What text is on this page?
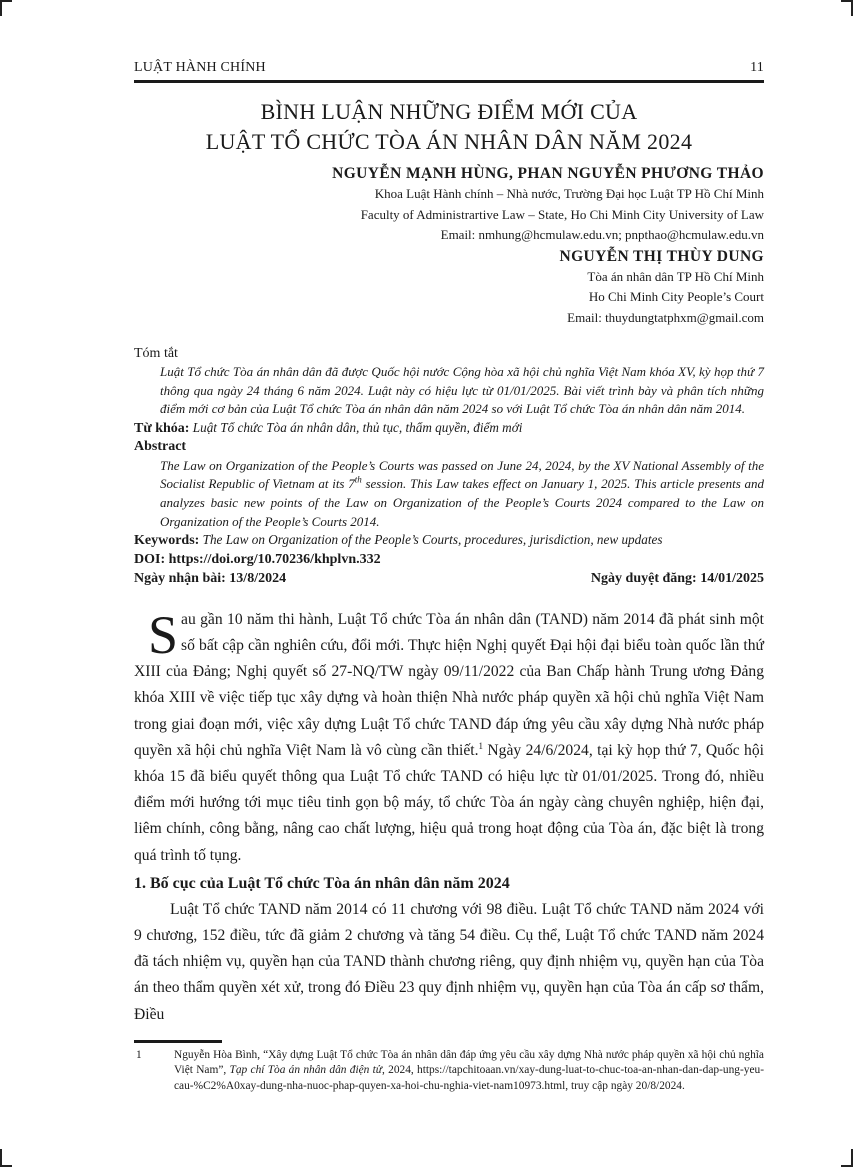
LUẬT HÀNH CHÍNH	11
BÌNH LUẬN NHỮNG ĐIỂM MỚI CỦA
LUẬT TỔ CHỨC TÒA ÁN NHÂN DÂN NĂM 2024
NGUYỄN MẠNH HÙNG, PHAN NGUYỄN PHƯƠNG THẢO
Khoa Luật Hành chính – Nhà nước, Trường Đại học Luật TP Hồ Chí Minh
Faculty of Administrartive Law – State, Ho Chi Minh City University of Law
Email: nmhung@hcmulaw.edu.vn; pnpthao@hcmulaw.edu.vn
NGUYỄN THỊ THÙY DUNG
Tòa án nhân dân TP Hồ Chí Minh
Ho Chi Minh City People’s Court
Email: thuydungtatphxm@gmail.com
Tóm tắt
Luật Tổ chức Tòa án nhân dân đã được Quốc hội nước Cộng hòa xã hội chủ nghĩa Việt Nam khóa XV, kỳ họp thứ 7 thông qua ngày 24 tháng 6 năm 2024. Luật này có hiệu lực từ 01/01/2025. Bài viết trình bày và phân tích những điểm mới cơ bản của Luật Tổ chức Tòa án nhân dân năm 2024 so với Luật Tổ chức Tòa án nhân dân năm 2014.
Từ khóa: Luật Tổ chức Tòa án nhân dân, thủ tục, thẩm quyền, điểm mới
Abstract
The Law on Organization of the People’s Courts was passed on June 24, 2024, by the XV National Assembly of the Socialist Republic of Vietnam at its 7th session. This Law takes effect on January 1, 2025. This article presents and analyzes basic new points of the Law on Organization of the People’s Courts 2024 compared to the Law on Organization of the People’s Courts 2014.
Keywords: The Law on Organization of the People’s Courts, procedures, jurisdiction, new updates
DOI: https://doi.org/10.70236/khplvn.332
Ngày nhận bài: 13/8/2024	Ngày duyệt đăng: 14/01/2025
Sau gần 10 năm thi hành, Luật Tổ chức Tòa án nhân dân (TAND) năm 2014 đã phát sinh một số bất cập cần nghiên cứu, đổi mới. Thực hiện Nghị quyết Đại hội đại biểu toàn quốc lần thứ XIII của Đảng; Nghị quyết số 27-NQ/TW ngày 09/11/2022 của Ban Chấp hành Trung ương Đảng khóa XIII về việc tiếp tục xây dựng và hoàn thiện Nhà nước pháp quyền xã hội chủ nghĩa Việt Nam trong giai đoạn mới, việc xây dựng Luật Tổ chức TAND đáp ứng yêu cầu xây dựng Nhà nước pháp quyền xã hội chủ nghĩa Việt Nam là vô cùng cần thiết.$^1$ Ngày 24/6/2024, tại kỳ họp thứ 7, Quốc hội khóa 15 đã biểu quyết thông qua Luật Tổ chức TAND có hiệu lực từ 01/01/2025. Trong đó, nhiều điểm mới hướng tới mục tiêu tinh gọn bộ máy, tổ chức Tòa án ngày càng chuyên nghiệp, hiện đại, liêm chính, công bằng, nâng cao chất lượng, hiệu quả trong hoạt động của Tòa án, đặc biệt là trong quá trình tố tụng.
1. Bố cục của Luật Tổ chức Tòa án nhân dân năm 2024
Luật Tổ chức TAND năm 2014 có 11 chương với 98 điều. Luật Tổ chức TAND năm 2024 với 9 chương, 152 điều, tức đã giảm 2 chương và tăng 54 điều. Cụ thể, Luật Tổ chức TAND năm 2024 đã tách nhiệm vụ, quyền hạn của TAND thành chương riêng, quy định nhiệm vụ, quyền hạn của Tòa án theo thẩm quyền xét xử, trong đó Điều 23 quy định nhiệm vụ, quyền hạn của Tòa án cấp sơ thẩm, Điều
1	Nguyễn Hòa Bình, “Xây dựng Luật Tổ chức Tòa án nhân dân đáp ứng yêu cầu xây dựng Nhà nước pháp quyền xã hội chủ nghĩa Việt Nam”, Tạp chí Tòa án nhân dân điện tử, 2024, https://tapchitoaan.vn/xay-dung-luat-to-chuc-toa-an-nhan-dan-dap-ung-yeu-cau-%C2%A0xay-dung-nha-nuoc-phap-quyen-xa-hoi-chu-nghia-viet-nam10973.html, truy cập ngày 20/8/2024.
